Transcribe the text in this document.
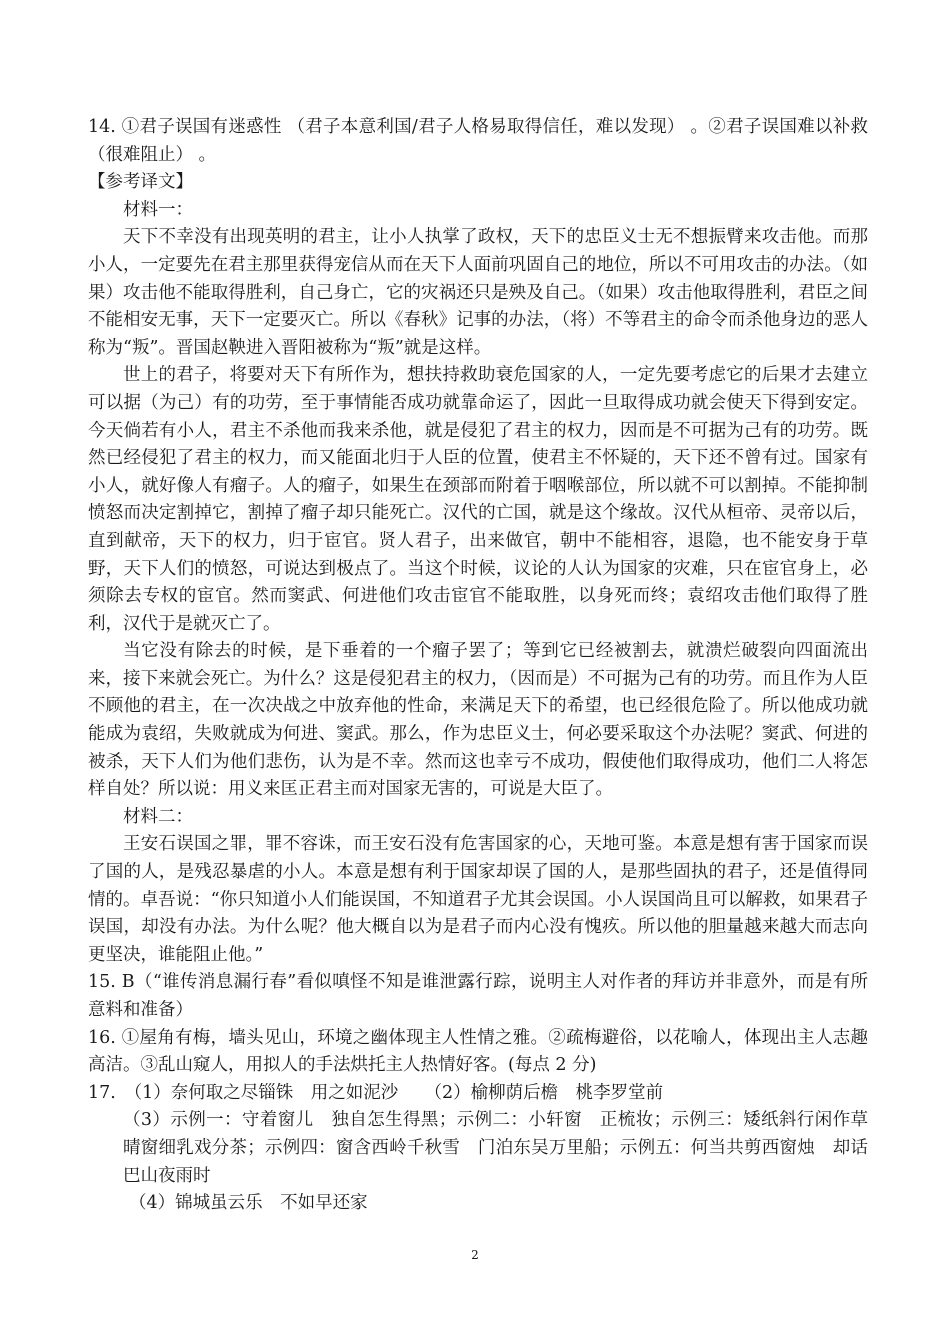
14. ①君子误国有迷惑性 （君子本意利国/君子人格易取得信任，难以发现） 。②君子误国难以补救（很难阻止） 。

【参考译文】

材料一：

天下不幸没有出现英明的君主，让小人执掌了政权，天下的忠臣义士无不想振臂来攻击他。而那小人，一定要先在君主那里获得宠信从而在天下人面前巩固自己的地位，所以不可用攻击的办法。（如果）攻击他不能取得胜利，自己身亡，它的灾祸还只是殃及自己。（如果）攻击他取得胜利，君臣之间不能相安无事，天下一定要灭亡。所以《春秋》记事的办法，（将）不等君主的命令而杀他身边的恶人称为“叛”。晋国赵鞅进入晋阳被称为“叛”就是这样。

世上的君子，将要对天下有所作为，想扶持救助衰危国家的人，一定先要考虑它的后果才去建立可以据（为己）有的功劳，至于事情能否成功就靠命运了，因此一旦取得成功就会使天下得到安定。今天倘若有小人，君主不杀他而我来杀他，就是侵犯了君主的权力，因而是不可据为己有的功劳。既然已经侵犯了君主的权力，而又能面北归于人臣的位置，使君主不怀疑的，天下还不曾有过。国家有小人，就好像人有瘤子。人的瘤子，如果生在颈部而附着于咽喉部位，所以就不可以割掉。不能抑制愤怒而决定割掉它，割掉了瘤子却只能死亡。汉代的亡国，就是这个缘故。汉代从桓帝、灵帝以后，直到献帝，天下的权力，归于宦官。贤人君子，出来做官，朝中不能相容，退隐，也不能安身于草野，天下人们的愤怒，可说达到极点了。当这个时候，议论的人认为国家的灾难，只在宦官身上，必须除去专权的宦官。然而窦武、何进他们攻击宦官不能取胜，以身死而终；袁绍攻击他们取得了胜利，汉代于是就灭亡了。

当它没有除去的时候，是下垂着的一个瘤子罢了；等到它已经被割去，就溃烂破裂向四面流出来，接下来就会死亡。为什么？这是侵犯君主的权力，（因而是）不可据为己有的功劳。而且作为人臣不顾他的君主，在一次决战之中放弃他的性命，来满足天下的希望，也已经很危险了。所以他成功就能成为袁绍，失败就成为何进、窦武。那么，作为忠臣义士，何必要采取这个办法呢？窦武、何进的被杀，天下人们为他们悲伤，认为是不幸。然而这也幸亏不成功，假使他们取得成功，他们二人将怎样自处？所以说：用义来匡正君主而对国家无害的，可说是大臣了。

材料二：

王安石误国之罪，罪不容诛，而王安石没有危害国家的心，天地可鉴。本意是想有害于国家而误了国的人，是残忍暴虐的小人。本意是想有利于国家却误了国的人，是那些固执的君子，还是值得同情的。卓吾说：“你只知道小人们能误国，不知道君子尤其会误国。小人误国尚且可以解救，如果君子误国，却没有办法。为什么呢？他大概自以为是君子而内心没有愧疚。所以他的胆量越来越大而志向更坚决，谁能阻止他。”

15. B（“谁传消息漏行春”看似嗔怪不知是谁泄露行踪，说明主人对作者的拜访并非意外，而是有所意料和准备）

16. ①屋角有梅，墙头见山，环境之幽体现主人性情之雅。②疏梅避俗，以花喻人，体现出主人志趣高洁。③乱山窥人，用拟人的手法烘托主人热情好客。(每点 2 分)

17.　（1）奈何取之尽锱铢　用之如泥沙　　（2）榆柳荫后檐　桃李罗堂前

（3）示例一：守着窗儿　独自怎生得黑；示例二：小轩窗　正梳妆；示例三：矮纸斜行闲作草　晴窗细乳戏分茶；示例四：窗含西岭千秋雪　门泊东吴万里船；示例五：何当共剪西窗烛　却话巴山夜雨时

（4）锦城虽云乐　不如早还家

2
